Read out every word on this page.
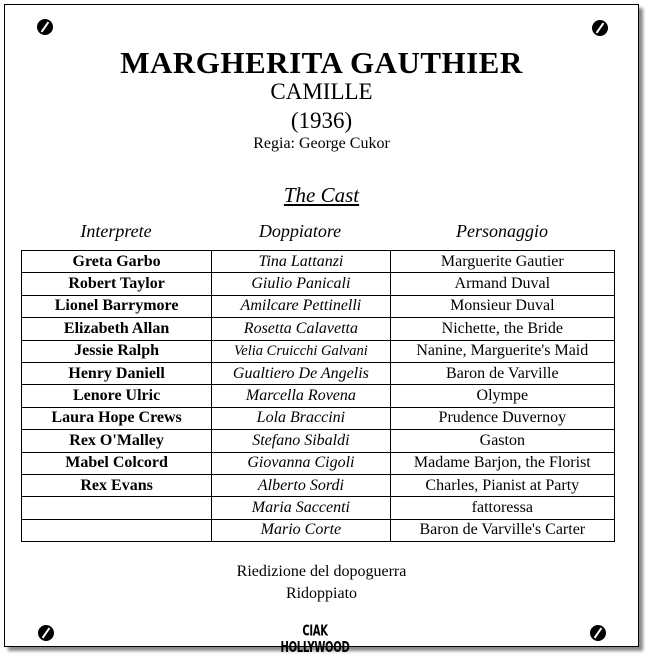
MARGHERITA GAUTHIER
CAMILLE
(1936)
Regia: George Cukor
The Cast
Interprete	Doppiatore	Personaggio
Greta Garbo	Tina Lattanzi	Marguerite Gautier
Robert Taylor	Giulio Panicali	Armand Duval
Lionel Barrymore	Amilcare Pettinelli	Monsieur Duval
Elizabeth Allan	Rosetta Calavetta	Nichette, the Bride
Jessie Ralph	Velia Cruicchi Galvani	Nanine, Marguerite's Maid
Henry Daniell	Gualtiero De Angelis	Baron de Varville
Lenore Ulric	Marcella Rovena	Olympe
Laura Hope Crews	Lola Braccini	Prudence Duvernoy
Rex O'Malley	Stefano Sibaldi	Gaston
Mabel Colcord	Giovanna Cigoli	Madame Barjon, the Florist
Rex Evans	Alberto Sordi	Charles, Pianist at Party
	Maria Saccenti	fattoressa
	Mario Corte	Baron de Varville's Carter
Riedizione del dopoguerra
Ridoppiato
CIAK HOLLYWOOD
